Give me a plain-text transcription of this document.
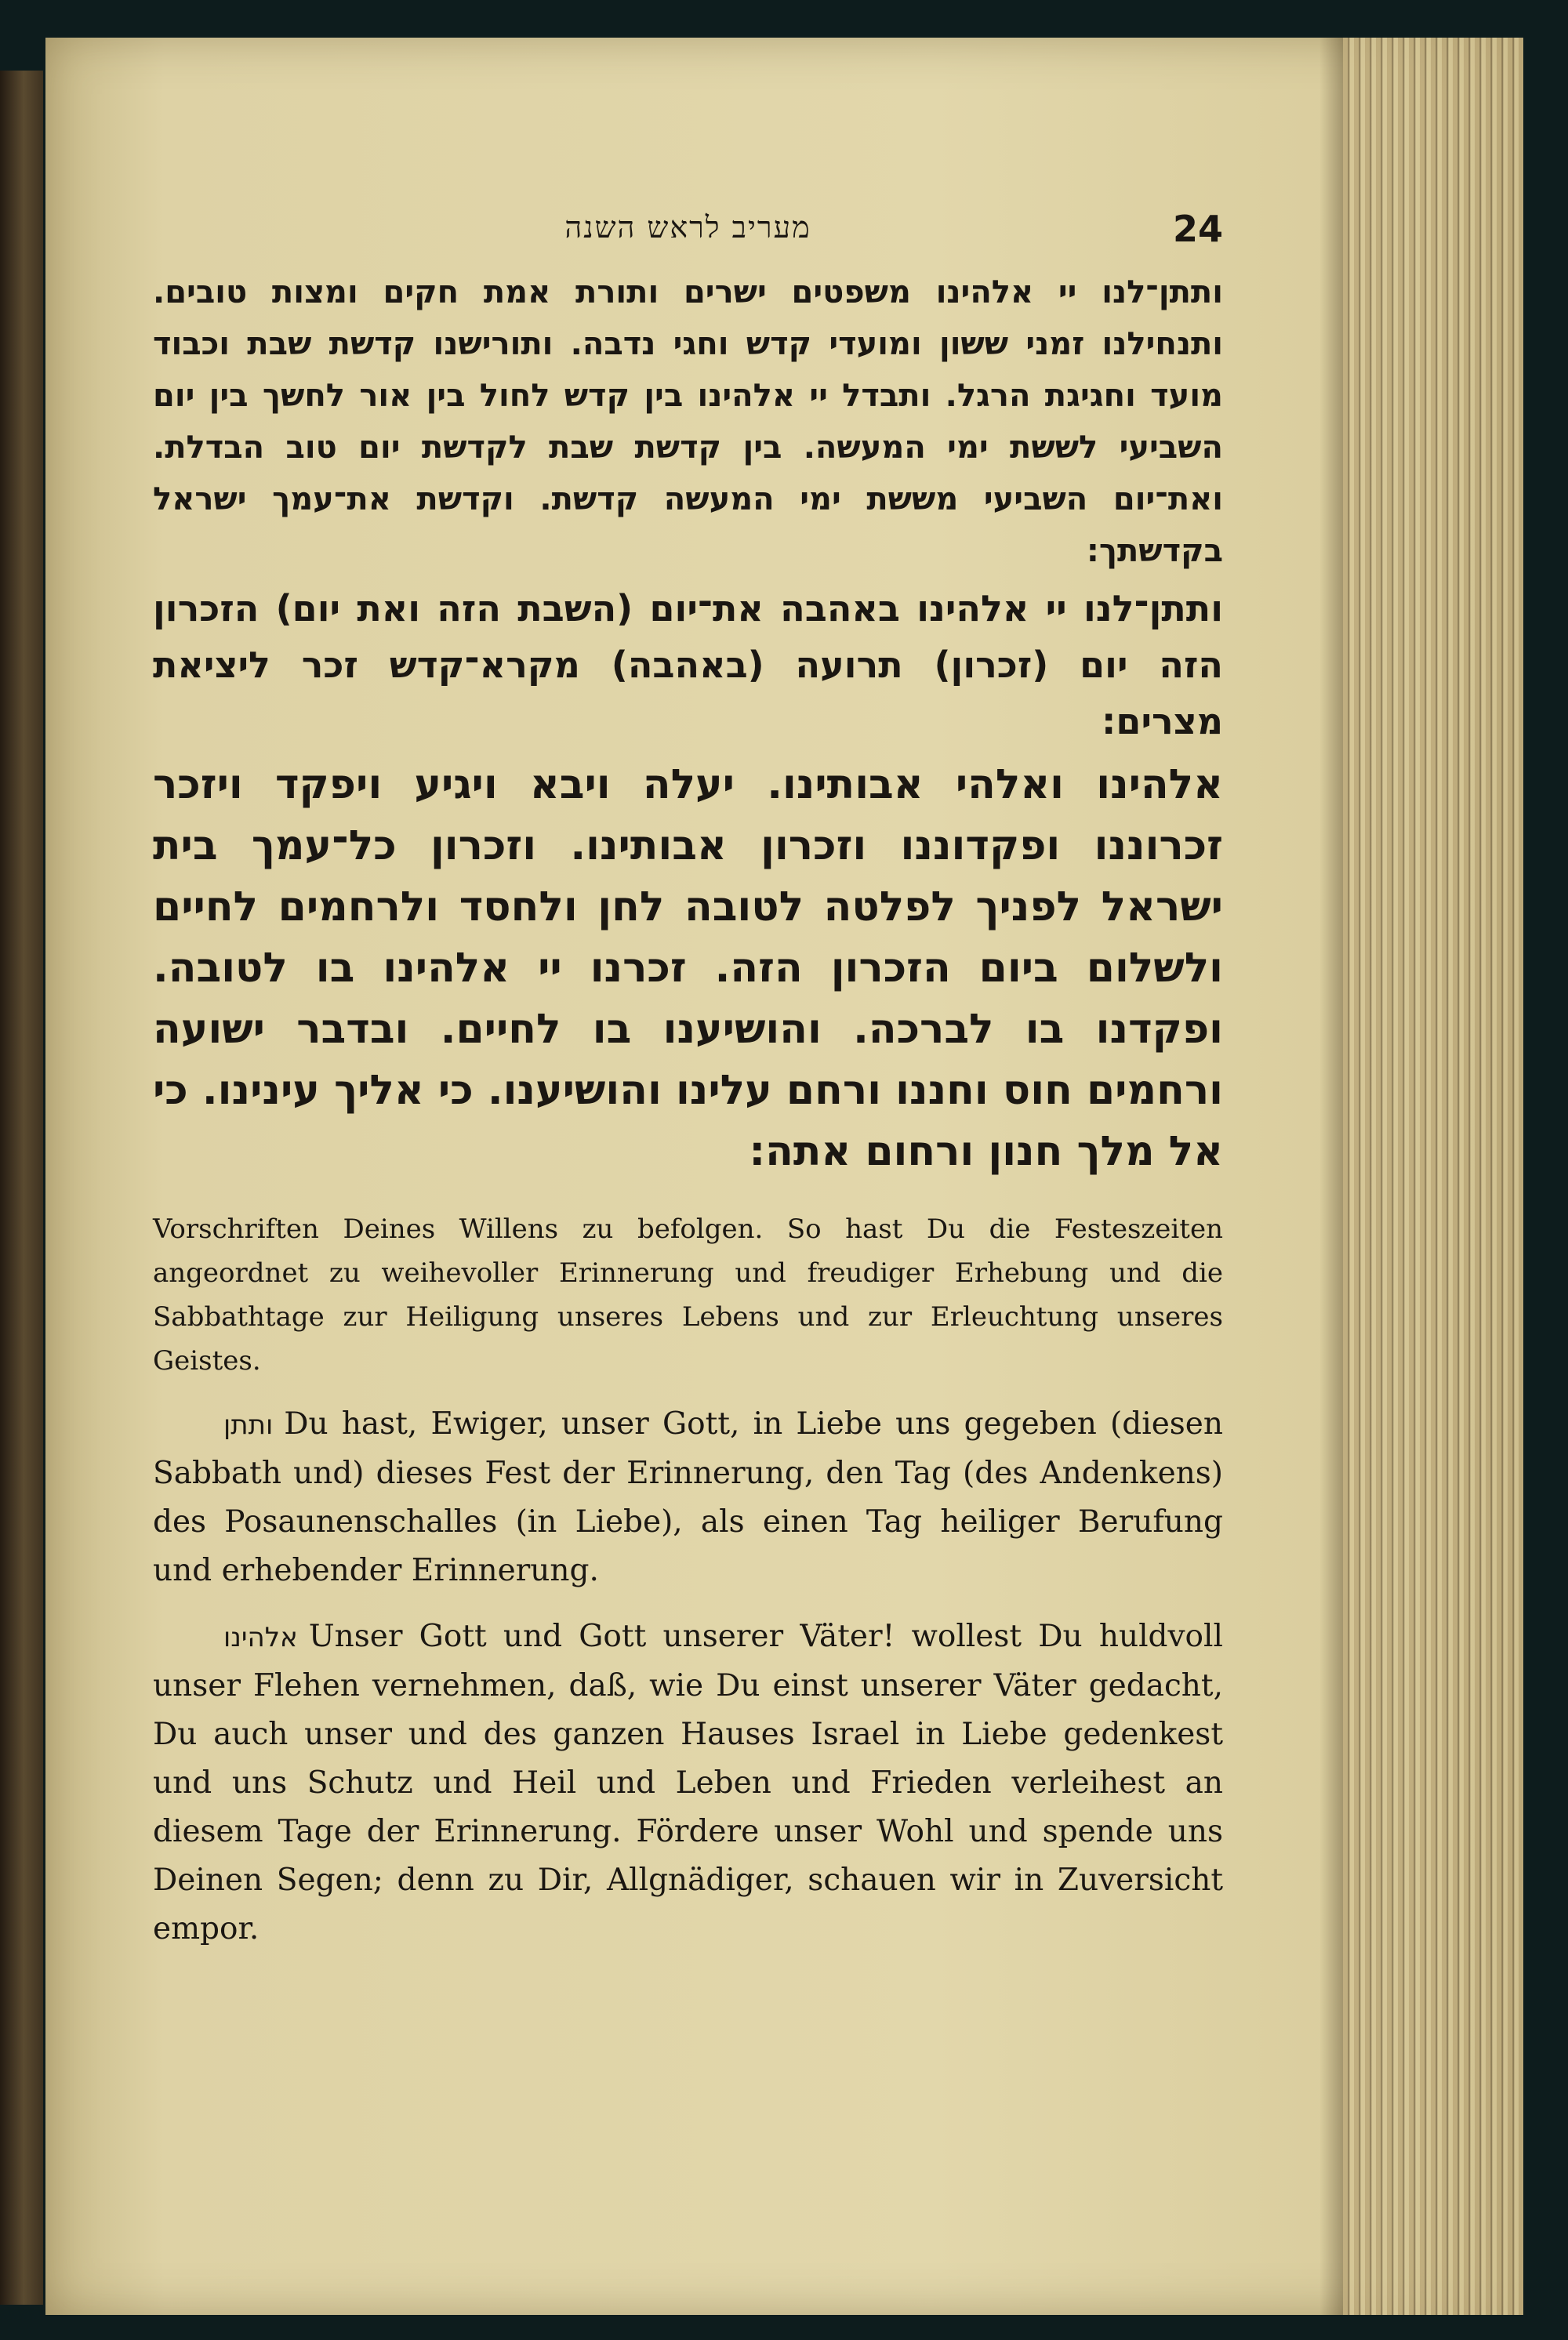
מעריב לראש השנה	24

ותתן־לנו יי אלהינו משפטים ישרים ותורת אמת חקים ומצות טובים. ותנחילנו זמני ששון ומועדי קדש וחגי נדבה. ותורישנו קדשת שבת וכבוד מועד וחגיגת הרגל. ותבדל יי אלהינו בין קדש לחול בין אור לחשך בין יום השביעי לששת ימי המעשה. בין קדשת שבת לקדשת יום טוב הבדלת. ואת־יום השביעי מששת ימי המעשה קדשת. וקדשת את־עמך ישראל בקדשתך:

ותתן־לנו יי אלהינו באהבה את־יום (השבת הזה ואת יום) הזכרון הזה יום (זכרון) תרועה (באהבה) מקרא־קדש זכר ליציאת מצרים:

אלהינו ואלהי אבותינו. יעלה ויבא ויגיע ויפקד ויזכר זכרוננו ופקדוננו וזכרון אבותינו. וזכרון כל־עמך בית ישראל לפניך לפלטה לטובה לחן ולחסד ולרחמים לחיים ולשלום ביום הזכרון הזה. זכרנו יי אלהינו בו לטובה. ופקדנו בו לברכה. והושיענו בו לחיים. ובדבר ישועה ורחמים חוס וחננו ורחם עלינו והושיענו. כי אליך עינינו. כי אל מלך חנון ורחום אתה:

Vorschriften Deines Willens zu befolgen. So hast Du die Festeszeiten angeordnet zu weihevoller Erinnerung und freudiger Erhebung und die Sabbathtage zur Heiligung unseres Lebens und zur Erleuchtung unseres Geistes.

ותתן Du hast, Ewiger, unser Gott, in Liebe uns gegeben (diesen Sabbath und) dieses Fest der Erinnerung, den Tag (des Andenkens) des Posaunenschalles (in Liebe), als einen Tag heiliger Berufung und erhebender Erinnerung.

אלהינו Unser Gott und Gott unserer Väter! wollest Du huldvoll unser Flehen vernehmen, daß, wie Du einst unserer Väter gedacht, Du auch unser und des ganzen Hauses Israel in Liebe gedenkest und uns Schutz und Heil und Leben und Frieden verleihest an diesem Tage der Erinnerung. Fördere unser Wohl und spende uns Deinen Segen; denn zu Dir, Allgnädiger, schauen wir in Zuversicht empor.
